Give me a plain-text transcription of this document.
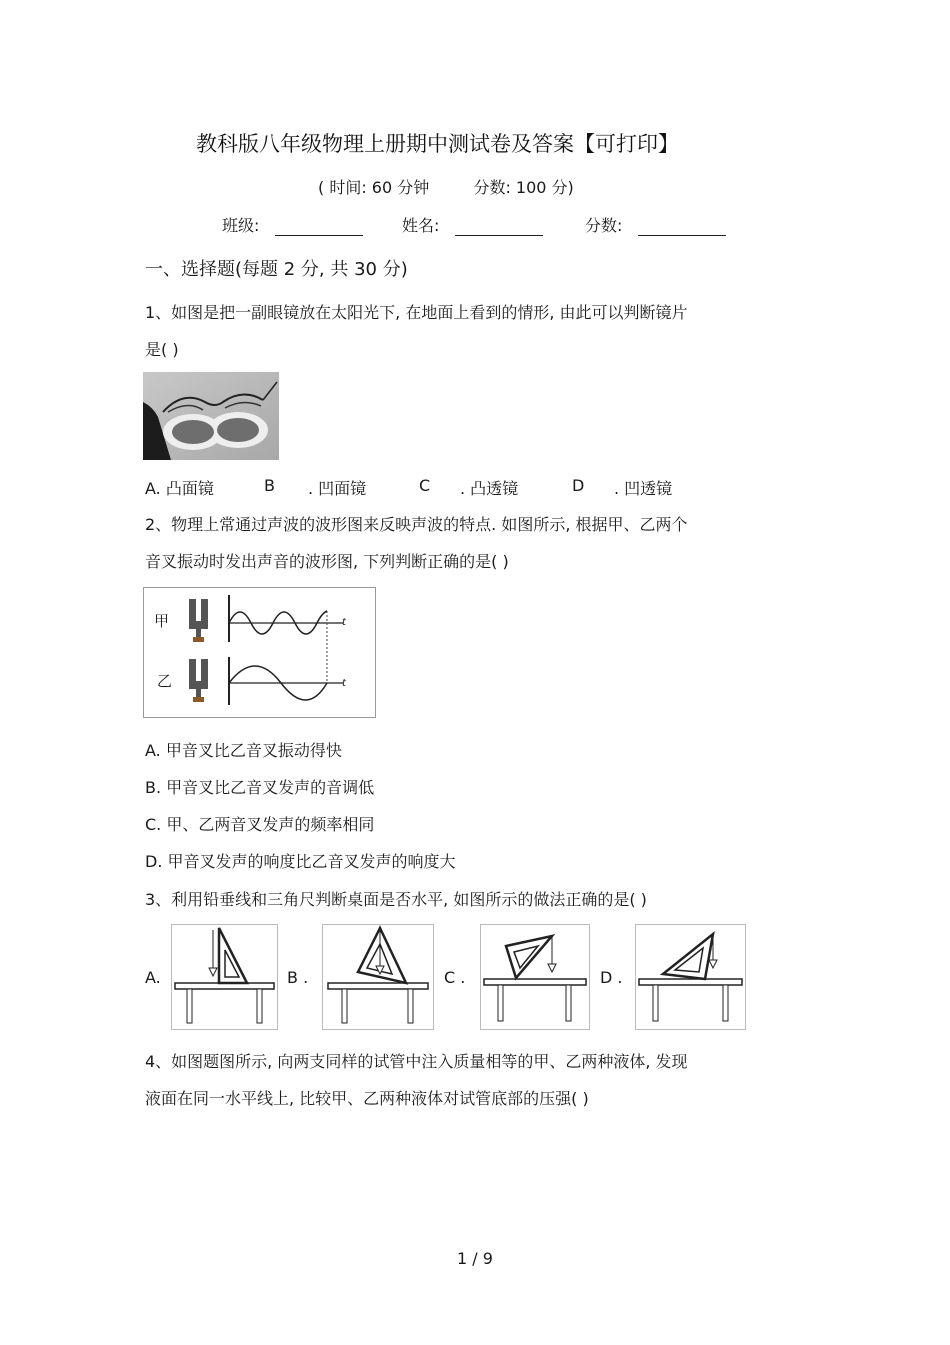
教科版八年级物理上册期中测试卷及答案【可打印】
( 时间: 60 分钟	分数: 100 分)
班级:	姓名:	分数:
一、选择题(每题 2 分, 共 30 分)
1、如图是把一副眼镜放在太阳光下, 在地面上看到的情形, 由此可以判断镜片
是( )
A. 凸面镜	B . 凹面镜	C . 凸透镜	D . 凹透镜
2、物理上常通过声波的波形图来反映声波的特点. 如图所示, 根据甲、乙两个
音叉振动时发出声音的波形图, 下列判断正确的是( )
甲
乙
t
t
A. 甲音叉比乙音叉振动得快
B. 甲音叉比乙音叉发声的音调低
C. 甲、乙两音叉发声的频率相同
D. 甲音叉发声的响度比乙音叉发声的响度大
3、利用铅垂线和三角尺判断桌面是否水平, 如图所示的做法正确的是( )
A.	B .	C .	D .
4、如图题图所示, 向两支同样的试管中注入质量相等的甲、乙两种液体, 发现
液面在同一水平线上, 比较甲、乙两种液体对试管底部的压强( )
1 / 9
